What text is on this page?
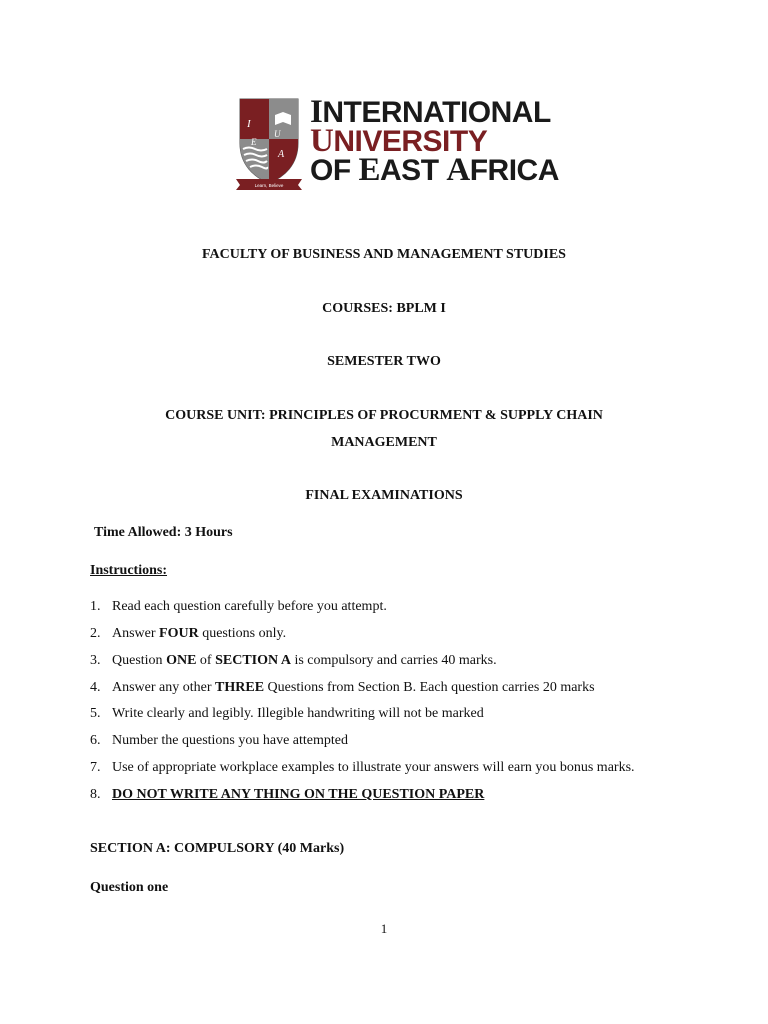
I
U
E
A
Learn, Believe
INTERNATIONAL
UNIVERSITY
OF EAST AFRICA
FACULTY OF BUSINESS AND MANAGEMENT STUDIES
COURSES: BPLM I
SEMESTER TWO
COURSE UNIT: PRINCIPLES OF PROCURMENT & SUPPLY CHAIN
MANAGEMENT
FINAL EXAMINATIONS
Time Allowed: 3 Hours
Instructions:
1. Read each question carefully before you attempt.
2. Answer FOUR questions only.
3. Question ONE of SECTION A is compulsory and carries 40 marks.
4. Answer any other THREE Questions from Section B. Each question carries 20 marks
5. Write clearly and legibly. Illegible handwriting will not be marked
6. Number the questions you have attempted
7. Use of appropriate workplace examples to illustrate your answers will earn you bonus marks.
8. DO NOT WRITE ANY THING ON THE QUESTION PAPER
SECTION A: COMPULSORY (40 Marks)
Question one
1
